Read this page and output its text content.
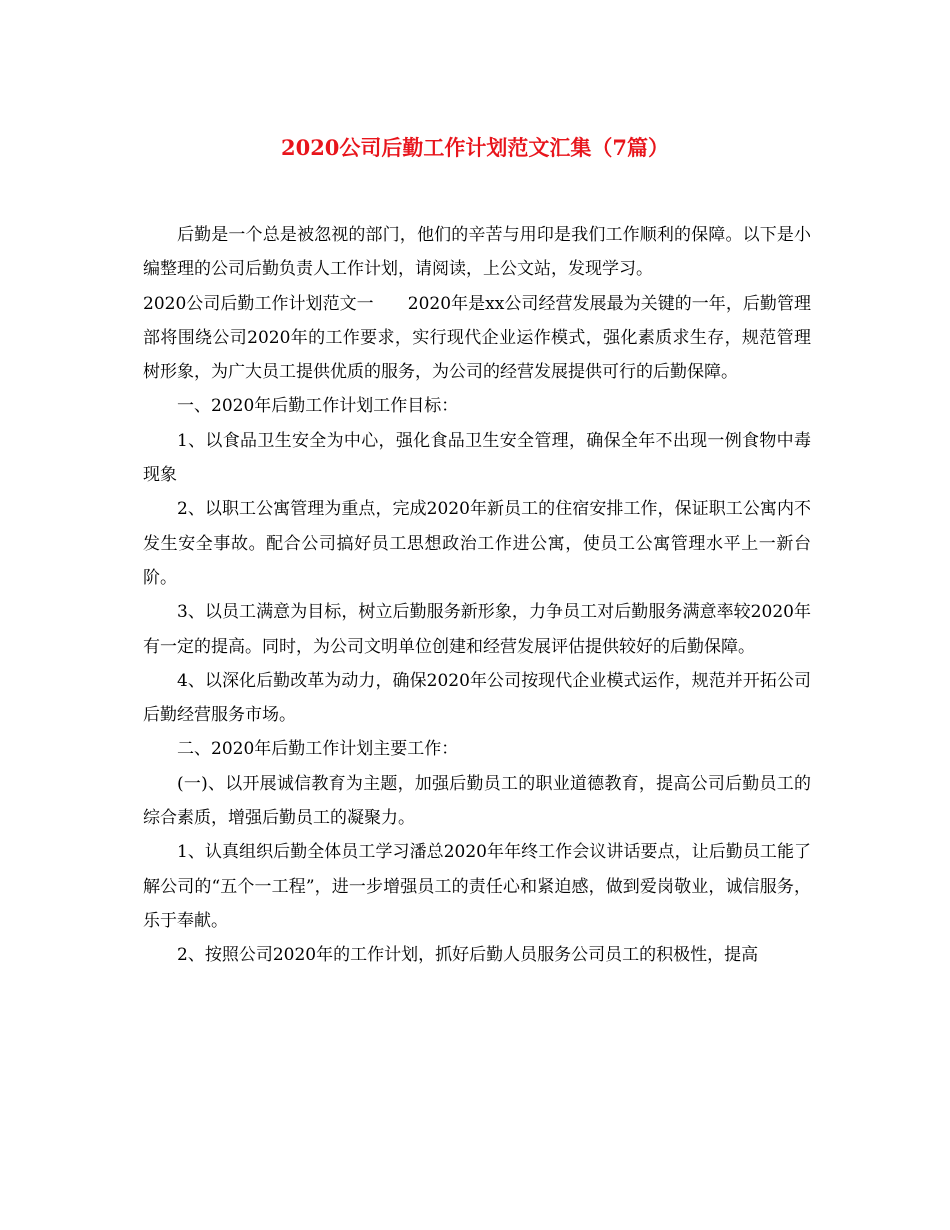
2020公司后勤工作计划范文汇集（7篇）

后勤是一个总是被忽视的部门，他们的辛苦与用印是我们工作顺利的保障。以下是小编整理的公司后勤负责人工作计划，请阅读，上公文站，发现学习。

2020公司后勤工作计划范文一　　2020年是xx公司经营发展最为关键的一年，后勤管理部将围绕公司2020年的工作要求，实行现代企业运作模式，强化素质求生存，规范管理树形象，为广大员工提供优质的服务，为公司的经营发展提供可行的后勤保障。

一、2020年后勤工作计划工作目标：

1、以食品卫生安全为中心，强化食品卫生安全管理，确保全年不出现一例食物中毒现象

2、以职工公寓管理为重点，完成2020年新员工的住宿安排工作，保证职工公寓内不发生安全事故。配合公司搞好员工思想政治工作进公寓，使员工公寓管理水平上一新台阶。

3、以员工满意为目标，树立后勤服务新形象，力争员工对后勤服务满意率较2020年有一定的提高。同时，为公司文明单位创建和经营发展评估提供较好的后勤保障。

4、以深化后勤改革为动力，确保2020年公司按现代企业模式运作，规范并开拓公司后勤经营服务市场。

二、2020年后勤工作计划主要工作：

(一)、以开展诚信教育为主题，加强后勤员工的职业道德教育，提高公司后勤员工的综合素质，增强后勤员工的凝聚力。

1、认真组织后勤全体员工学习潘总2020年年终工作会议讲话要点，让后勤员工能了解公司的“五个一工程”，进一步增强员工的责任心和紧迫感，做到爱岗敬业，诚信服务，乐于奉献。

2、按照公司2020年的工作计划，抓好后勤人员服务公司员工的积极性，提高
